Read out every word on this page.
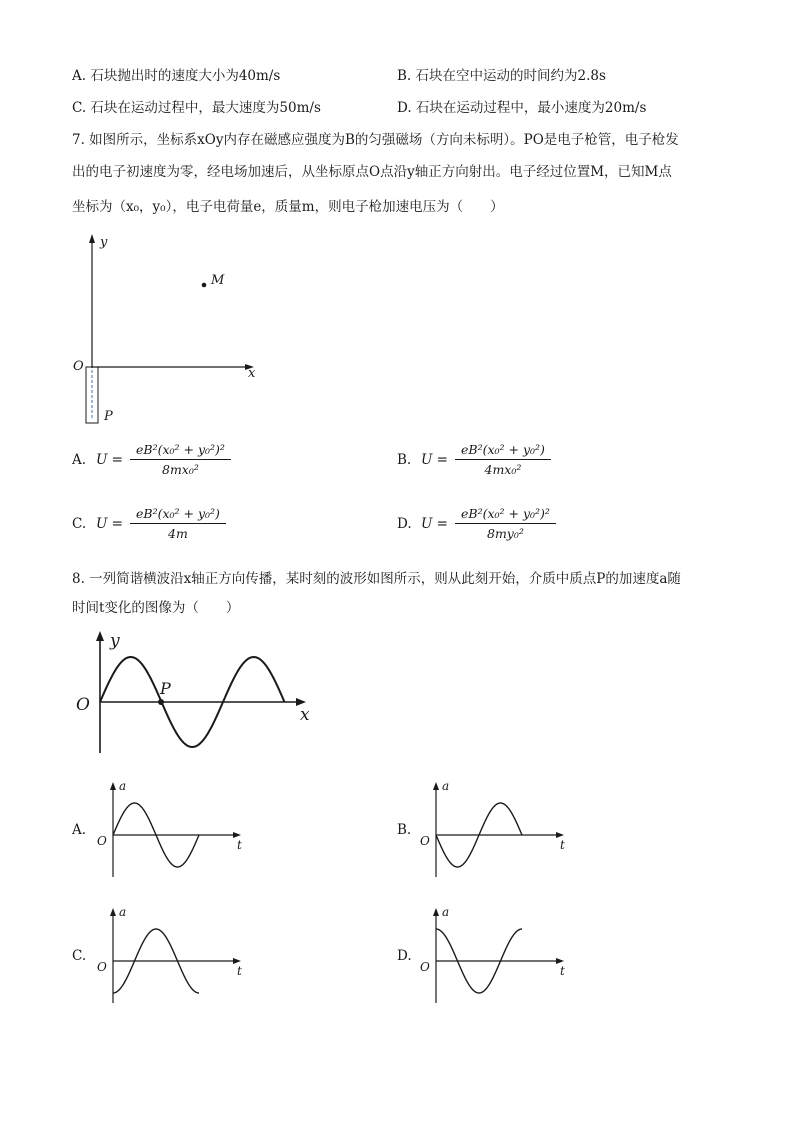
A. 石块抛出时的速度大小为40m/s	B. 石块在空中运动的时间约为2.8s
C. 石块在运动过程中，最大速度为50m/s	D. 石块在运动过程中，最小速度为20m/s
7. 如图所示，坐标系xOy内存在磁感应强度为B的匀强磁场（方向未标明）。PO是电子枪管，电子枪发
出的电子初速度为零，经电场加速后，从坐标原点O点沿y轴正方向射出。电子经过位置M，已知M点
坐标为（x₀，y₀），电子电荷量e，质量m，则电子枪加速电压为（　　）
y
x
O
M
P
A. $U = \frac{\text{eB²(x₀² + y₀²)²}}{\text{8mx₀²}}$	B. $U = \frac{\text{eB²(x₀² + y₀²)}}{\text{4mx₀²}}$
C. $U = \frac{\text{eB²(x₀² + y₀²)}}{4m}$	D. $U = \frac{\text{eB²(x₀² + y₀²)²}}{\text{8my₀²}}$
8. 一列简谐横波沿x轴正方向传播，某时刻的波形如图所示，则从此刻开始，介质中质点P的加速度a随
时间t变化的图像为（　　）
y
x
O
P
A.
a
t
O
B.
a
t
O
C.
a
t
O
D.
a
t
O
